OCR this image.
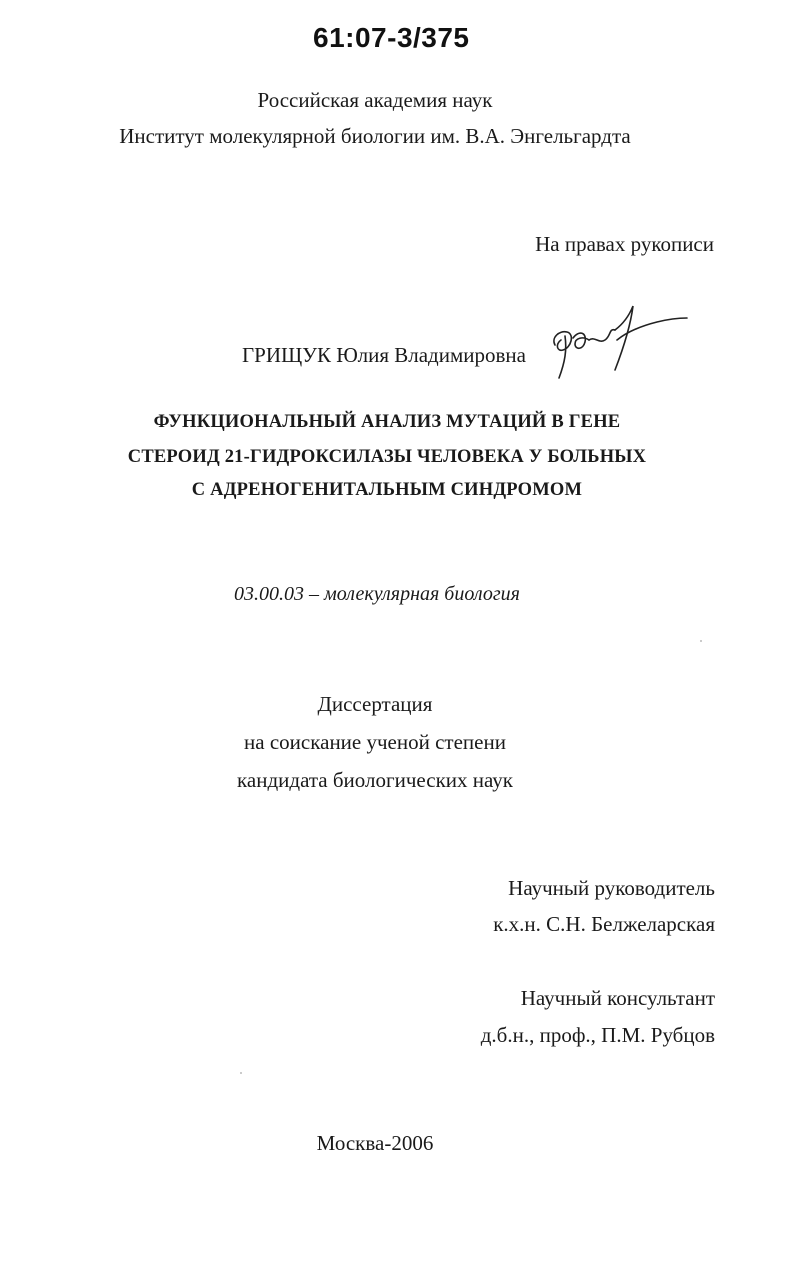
61:07-3/375
Российская академия наук
Институт молекулярной биологии им. В.А. Энгельгардта
На правах рукописи
ГРИЩУК Юлия Владимировна
ФУНКЦИОНАЛЬНЫЙ АНАЛИЗ МУТАЦИЙ В ГЕНЕ
СТЕРОИД 21-ГИДРОКСИЛАЗЫ ЧЕЛОВЕКА У БОЛЬНЫХ
С АДРЕНОГЕНИТАЛЬНЫМ СИНДРОМОМ
03.00.03 – молекулярная биология
Диссертация
на соискание ученой степени
кандидата биологических наук
Научный руководитель
к.х.н. С.Н. Белжеларская
Научный консультант
д.б.н., проф., П.М. Рубцов
Москва-2006
